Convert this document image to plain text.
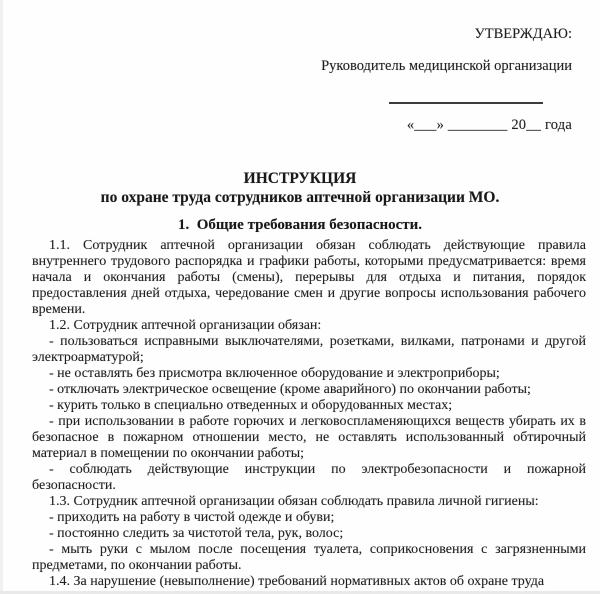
УТВЕРЖДАЮ:
Руководитель медицинской организации
«___» ________ 20__ года
ИНСТРУКЦИЯ
по охране труда сотрудников аптечной организации МО.
1. Общие требования безопасности.

1.1. Сотрудник аптечной организации обязан соблюдать действующие правила внутреннего трудового распорядка и графики работы, которыми предусматривается: время начала и окончания работы (смены), перерывы для отдыха и питания, порядок предоставления дней отдыха, чередование смен и другие вопросы использования рабочего времени.

1.2. Сотрудник аптечной организации обязан:

- пользоваться исправными выключателями, розетками, вилками, патронами и другой электроарматурой;

- не оставлять без присмотра включенное оборудование и электроприборы;

- отключать электрическое освещение (кроме аварийного) по окончании работы;

- курить только в специально отведенных и оборудованных местах;

- при использовании в работе горючих и легковоспламеняющихся веществ убирать их в безопасное в пожарном отношении место, не оставлять использованный обтирочный материал в помещении по окончании работы;

- соблюдать действующие инструкции по электробезопасности и пожарной безопасности.

1.3. Сотрудник аптечной организации обязан соблюдать правила личной гигиены:

- приходить на работу в чистой одежде и обуви;

- постоянно следить за чистотой тела, рук, волос;

- мыть руки с мылом после посещения туалета, соприкосновения с загрязненными предметами, по окончании работы.

1.4. За нарушение (невыполнение) требований нормативных актов об охране труда
